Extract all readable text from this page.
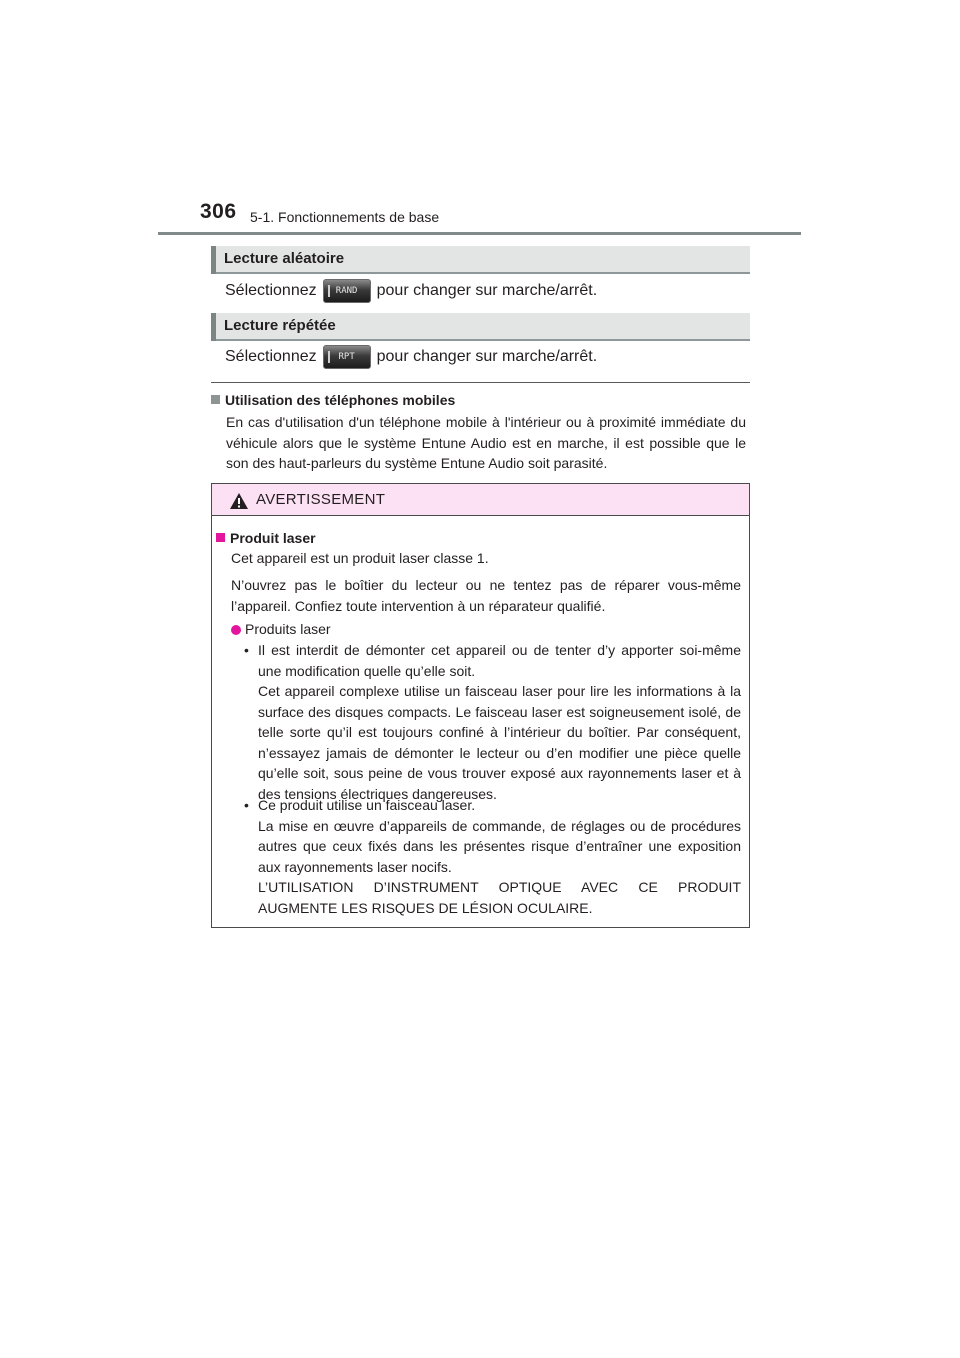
306 5-1. Fonctionnements de base
Lecture aléatoire
Sélectionnez	RAND	pour changer sur marche/arrêt.
Lecture répétée
Sélectionnez	RPT	pour changer sur marche/arrêt.
Utilisation des téléphones mobiles
En cas d'utilisation d'un téléphone mobile à l'intérieur ou à proximité immédiate du véhicule alors que le système Entune Audio est en marche, il est possible que le son des haut-parleurs du système Entune Audio soit parasité.
AVERTISSEMENT
Produit laser
Cet appareil est un produit laser classe 1.
N’ouvrez pas le boîtier du lecteur ou ne tentez pas de réparer vous-même l’appareil. Confiez toute intervention à un réparateur qualifié.
Produits laser
• Il est interdit de démonter cet appareil ou de tenter d’y apporter soi-même une modification quelle qu’elle soit.
Cet appareil complexe utilise un faisceau laser pour lire les informations à la surface des disques compacts. Le faisceau laser est soigneusement isolé, de telle sorte qu’il est toujours confiné à l’intérieur du boîtier. Par conséquent, n’essayez jamais de démonter le lecteur ou d’en modifier une pièce quelle qu’elle soit, sous peine de vous trouver exposé aux rayonnements laser et à des tensions électriques dangereuses.
• Ce produit utilise un faisceau laser.
La mise en œuvre d’appareils de commande, de réglages ou de procédures autres que ceux fixés dans les présentes risque d’entraîner une exposition aux rayonnements laser nocifs.
L’UTILISATION D’INSTRUMENT OPTIQUE AVEC CE PRODUIT AUGMENTE LES RISQUES DE LÉSION OCULAIRE.
